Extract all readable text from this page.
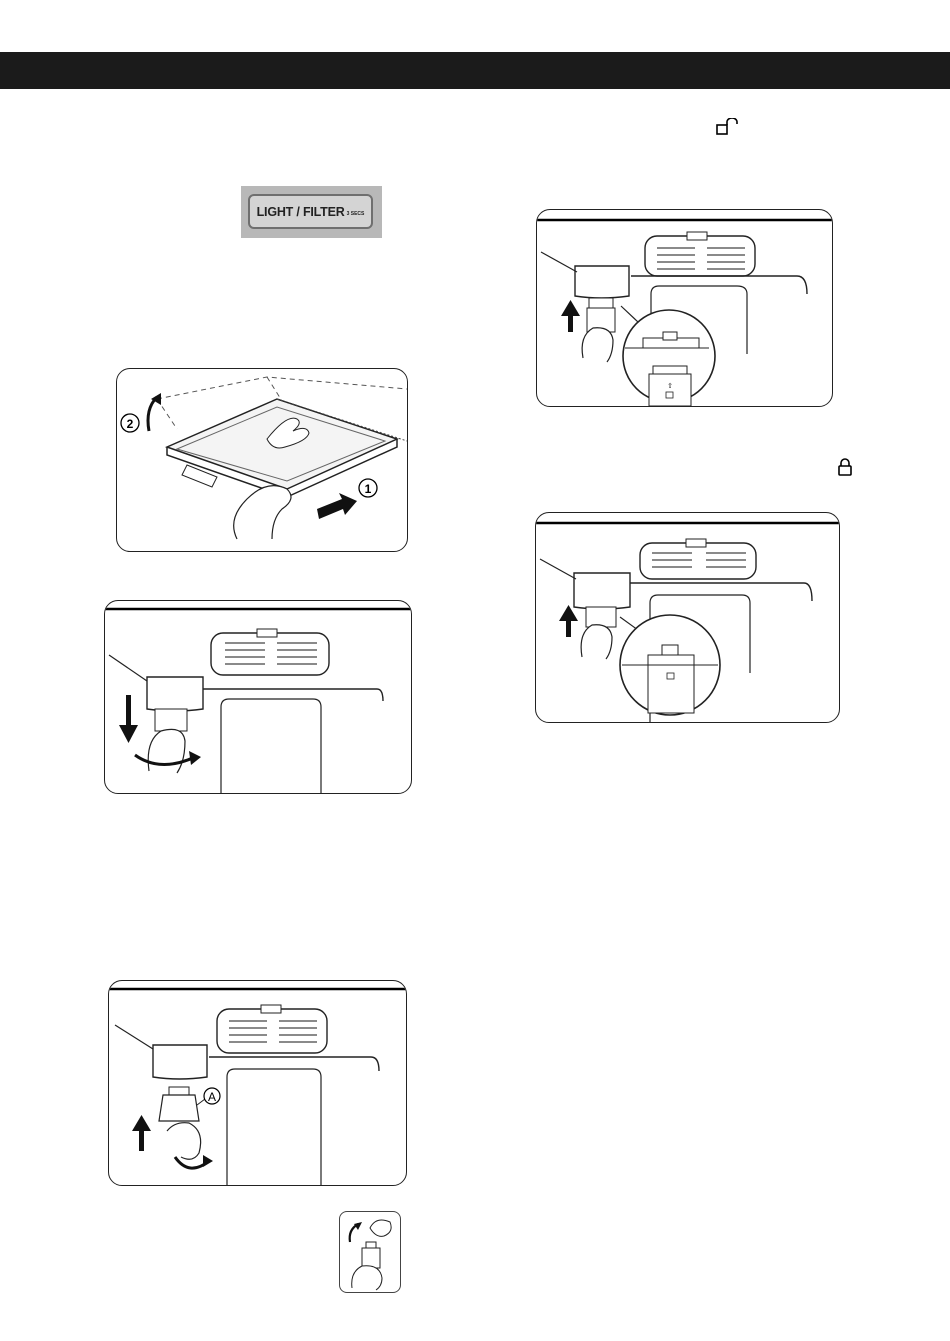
LIGHT / FILTER 3 SECS
1
2
A
⇧
